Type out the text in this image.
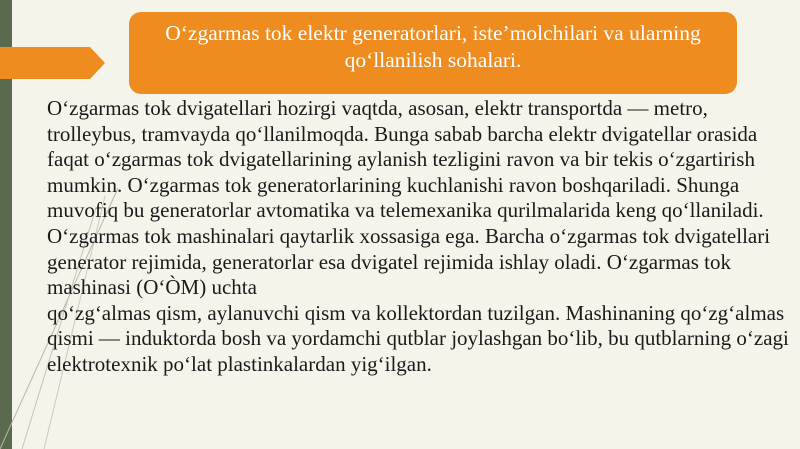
O‘zgarmas tok elektr generatorlari, iste’molchilari va ularning qo‘llanilish sohalari.

O‘zgarmas tok dvigatellari hozirgi vaqtda, asosan, elektr transportda — metro, trolleybus, tramvayda qo‘llanilmoqda. Bunga sabab barcha elektr dvigatellar orasida faqat o‘zgarmas tok dvigatellarining aylanish tezligini ravon va bir tekis o‘zgartirish mumkin. O‘zgarmas tok generatorlarining kuchlanishi ravon boshqariladi. Shunga muvofiq bu generatorlar avtomatika va telemexanika qurilmalarida keng qo‘llaniladi. O‘zgarmas tok mashinalari qaytarlik xossasiga ega. Barcha o‘zgarmas tok dvigatellari generator rejimida, generatorlar esa dvigatel rejimida ishlay oladi. O‘zgarmas tok mashinasi (O‘ÒM) uchta
qo‘zg‘almas qism, aylanuvchi qism va kollektordan tuzilgan. Mashinaning qo‘zg‘almas qismi — induktorda bosh va yordamchi qutblar joylashgan bo‘lib, bu qutblarning o‘zagi elektrotexnik po‘lat plastinkalardan yig‘ilgan.
